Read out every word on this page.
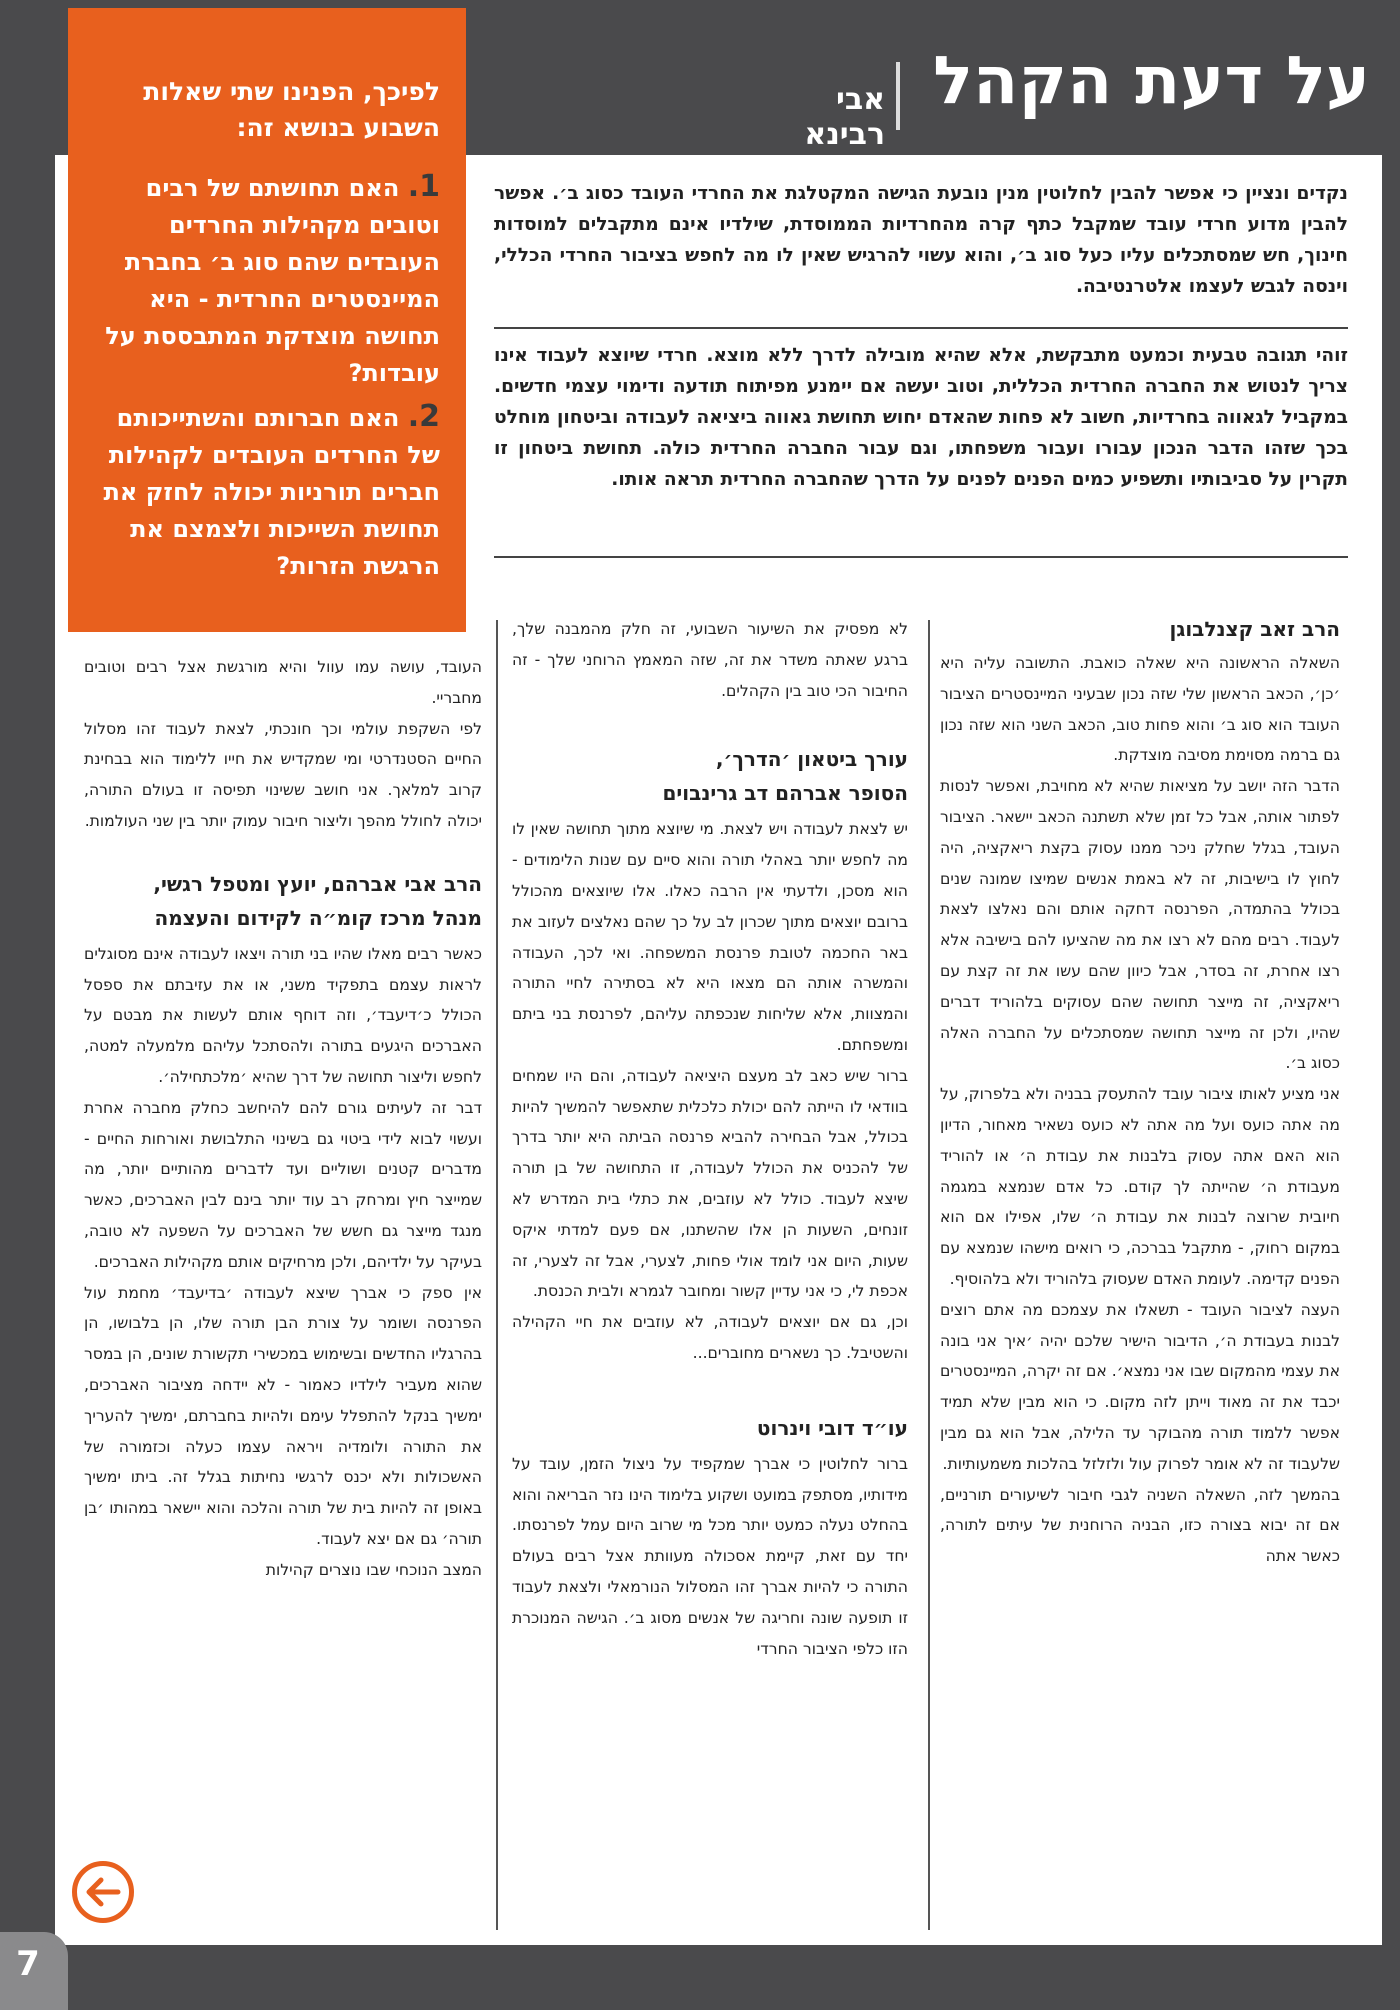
על דעת הקהל
אבי רבינא
לפיכך, הפנינו שתי שאלות השבוע בנושא זה:
1. האם תחושתם של רבים וטובים מקהילות החרדים העובדים שהם סוג ב׳ בחברת המיינסטרים החרדית - היא תחושה מוצדקת המתבססת על עובדות?
2. האם חברותם והשתייכותם של החרדים העובדים לקהילות חברים תורניות יכולה לחזק את תחושת השייכות ולצמצם את הרגשת הזרות?
נקדים ונציין כי אפשר להבין לחלוטין מנין נובעת הגישה המקטלגת את החרדי העובד כסוג ב׳. אפשר להבין מדוע חרדי עובד שמקבל כתף קרה מהחרדיות הממוסדת, שילדיו אינם מתקבלים למוסדות חינוך, חש שמסתכלים עליו כעל סוג ב׳, והוא עשוי להרגיש שאין לו מה לחפש בציבור החרדי הכללי, וינסה לגבש לעצמו אלטרנטיבה.
זוהי תגובה טבעית וכמעט מתבקשת, אלא שהיא מובילה לדרך ללא מוצא. חרדי שיוצא לעבוד אינו צריך לנטוש את החברה החרדית הכללית, וטוב יעשה אם יימנע מפיתוח תודעה ודימוי עצמי חדשים. במקביל לגאווה בחרדיות, חשוב לא פחות שהאדם יחוש תחושת גאווה ביציאה לעבודה וביטחון מוחלט בכך שזהו הדבר הנכון עבורו ועבור משפחתו, וגם עבור החברה החרדית כולה. תחושת ביטחון זו תקרין על סביבותיו ותשפיע כמים הפנים לפנים על הדרך שהחברה החרדית תראה אותו.
הרב זאב קצנלבוגן

השאלה הראשונה היא שאלה כואבת. התשובה עליה היא ׳כן׳, הכאב הראשון שלי שזה נכון שבעיני המיינסטרים הציבור העובד הוא סוג ב׳ והוא פחות טוב, הכאב השני הוא שזה נכון גם ברמה מסוימת מסיבה מוצדקת.

הדבר הזה יושב על מציאות שהיא לא מחויבת, ואפשר לנסות לפתור אותה, אבל כל זמן שלא תשתנה הכאב יישאר. הציבור העובד, בגלל שחלק ניכר ממנו עסוק בקצת ריאקציה, היה לחוץ לו בישיבות, זה לא באמת אנשים שמיצו שמונה שנים בכולל בהתמדה, הפרנסה דחקה אותם והם נאלצו לצאת לעבוד. רבים מהם לא רצו את מה שהציעו להם בישיבה אלא רצו אחרת, זה בסדר, אבל כיוון שהם עשו את זה קצת עם ריאקציה, זה מייצר תחושה שהם עסוקים בלהוריד דברים שהיו, ולכן זה מייצר תחושה שמסתכלים על החברה האלה כסוג ב׳.

אני מציע לאותו ציבור עובד להתעסק בבניה ולא בלפרוק, על מה אתה כועס ועל מה אתה לא כועס נשאיר מאחור, הדיון הוא האם אתה עסוק בלבנות את עבודת ה׳ או להוריד מעבודת ה׳ שהייתה לך קודם. כל אדם שנמצא במגמה חיובית שרוצה לבנות את עבודת ה׳ שלו, אפילו אם הוא במקום רחוק, - מתקבל בברכה, כי רואים מישהו שנמצא עם הפנים קדימה. לעומת האדם שעסוק בלהוריד ולא בלהוסיף.

העצה לציבור העובד - תשאלו את עצמכם מה אתם רוצים לבנות בעבודת ה׳, הדיבור הישיר שלכם יהיה ׳איך אני בונה את עצמי מהמקום שבו אני נמצא׳. אם זה יקרה, המיינסטרים יכבד את זה מאוד וייתן לזה מקום. כי הוא מבין שלא תמיד אפשר ללמוד תורה מהבוקר עד הלילה, אבל הוא גם מבין שלעבוד זה לא אומר לפרוק עול ולזלזל בהלכות משמעותיות.

בהמשך לזה, השאלה השניה לגבי חיבור לשיעורים תורניים, אם זה יבוא בצורה כזו, הבניה הרוחנית של עיתים לתורה, כאשר אתה

לא מפסיק את השיעור השבועי, זה חלק מהמבנה שלך, ברגע שאתה משדר את זה, שזה המאמץ הרוחני שלך - זה החיבור הכי טוב בין הקהלים.

עורך ביטאון ׳הדרך׳,
הסופר אברהם דב גרינבוים

יש לצאת לעבודה ויש לצאת. מי שיוצא מתוך תחושה שאין לו מה לחפש יותר באהלי תורה והוא סיים עם שנות הלימודים - הוא מסכן, ולדעתי אין הרבה כאלו. אלו שיוצאים מהכולל ברובם יוצאים מתוך שכרון לב על כך שהם נאלצים לעזוב את באר החכמה לטובת פרנסת המשפחה. ואי לכך, העבודה והמשרה אותה הם מצאו היא לא בסתירה לחיי התורה והמצוות, אלא שליחות שנכפתה עליהם, לפרנסת בני ביתם ומשפחתם.

ברור שיש כאב לב מעצם היציאה לעבודה, והם היו שמחים בוודאי לו הייתה להם יכולת כלכלית שתאפשר להמשיך להיות בכולל, אבל הבחירה להביא פרנסה הביתה היא יותר בדרך של להכניס את הכולל לעבודה, זו התחושה של בן תורה שיצא לעבוד. כולל לא עוזבים, את כתלי בית המדרש לא זונחים, השעות הן אלו שהשתנו, אם פעם למדתי איקס שעות, היום אני לומד אולי פחות, לצערי, אבל זה לצערי, זה אכפת לי, כי אני עדיין קשור ומחובר לגמרא ולבית הכנסת.

וכן, גם אם יוצאים לעבודה, לא עוזבים את חיי הקהילה והשטיבל. כך נשארים מחוברים...

עו״ד דובי וינרוט

ברור לחלוטין כי אברך שמקפיד על ניצול הזמן, עובד על מידותיו, מסתפק במועט ושקוע בלימוד הינו נזר הבריאה והוא בהחלט נעלה כמעט יותר מכל מי שרוב היום עמל לפרנסתו. יחד עם זאת, קיימת אסכולה מעוותת אצל רבים בעולם התורה כי להיות אברך זהו המסלול הנורמאלי ולצאת לעבוד זו תופעה שונה וחריגה של אנשים מסוג ב׳. הגישה המנוכרת הזו כלפי הציבור החרדי

העובד, עושה עמו עוול והיא מורגשת אצל רבים וטובים מחבריי.

לפי השקפת עולמי וכך חונכתי, לצאת לעבוד זהו מסלול החיים הסטנדרטי ומי שמקדיש את חייו ללימוד הוא בבחינת קרוב למלאך. אני חושב ששינוי תפיסה זו בעולם התורה, יכולה לחולל מהפך וליצור חיבור עמוק יותר בין שני העולמות.

הרב אבי אברהם, יועץ ומטפל רגשי,
מנהל מרכז קומ״ה לקידום והעצמה

כאשר רבים מאלו שהיו בני תורה ויצאו לעבודה אינם מסוגלים לראות עצמם בתפקיד משני, או את עזיבתם את ספסל הכולל כ׳דיעבד׳, וזה דוחף אותם לעשות את מבטם על האברכים היגעים בתורה ולהסתכל עליהם מלמעלה למטה, לחפש וליצור תחושה של דרך שהיא ׳מלכתחילה׳.

דבר זה לעיתים גורם להם להיחשב כחלק מחברה אחרת ועשוי לבוא לידי ביטוי גם בשינוי התלבושת ואורחות החיים - מדברים קטנים ושוליים ועד לדברים מהותיים יותר, מה שמייצר חיץ ומרחק רב עוד יותר בינם לבין האברכים, כאשר מנגד מייצר גם חשש של האברכים על השפעה לא טובה, בעיקר על ילדיהם, ולכן מרחיקים אותם מקהילות האברכים.

אין ספק כי אברך שיצא לעבודה ׳בדיעבד׳ מחמת עול הפרנסה ושומר על צורת הבן תורה שלו, הן בלבושו, הן בהרגליו החדשים ובשימוש במכשירי תקשורת שונים, הן במסר שהוא מעביר לילדיו כאמור - לא יידחה מציבור האברכים, ימשיך בנקל להתפלל עימם ולהיות בחברתם, ימשיך להעריך את התורה ולומדיה ויראה עצמו כעלה וכזמורה של האשכולות ולא יכנס לרגשי נחיתות בגלל זה. ביתו ימשיך באופן זה להיות בית של תורה והלכה והוא יישאר במהותו ׳בן תורה׳ גם אם יצא לעבוד.

המצב הנוכחי שבו נוצרים קהילות

7
